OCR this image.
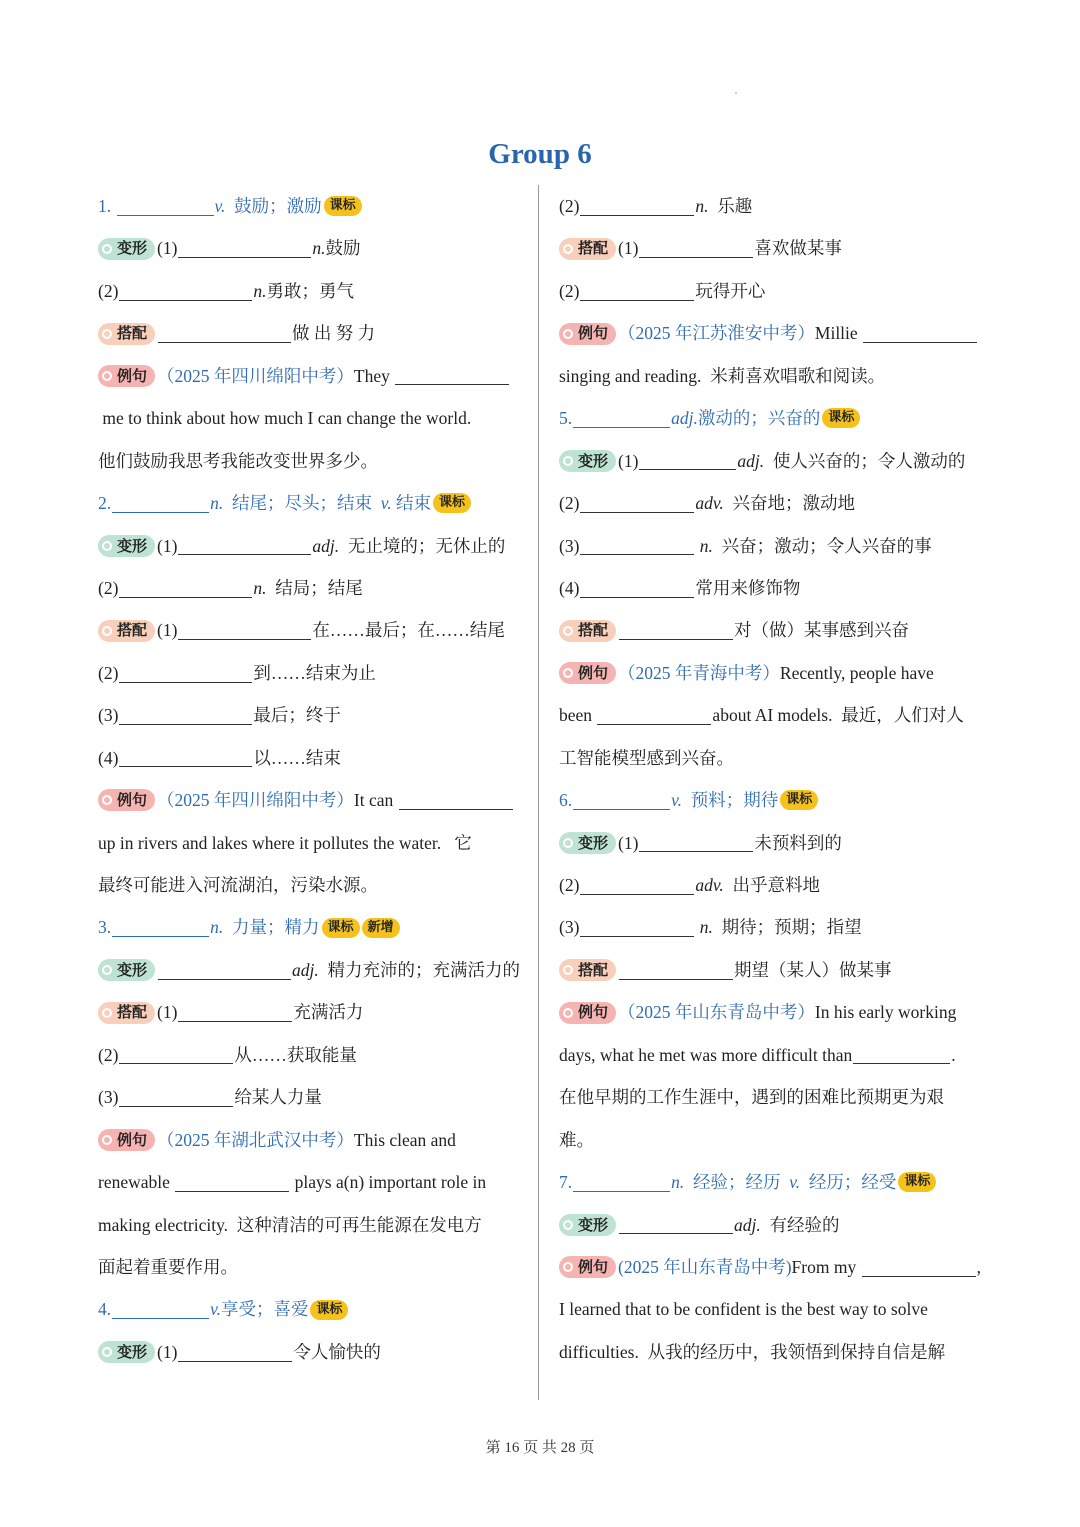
Group 6
1.	v. 鼓励；激励 课标
变形 (1)	n. 鼓励
(2)	n. 勇敢；勇气
搭配	做 出 努 力
例句 （2025 年四川绵阳中考） They
me to think about how much I can change the world.
他们鼓励我思考我能改变世界多少。
2.	n. 结尾；尽头；结束 v. 结束 课标
变形 (1)	adj. 无止境的；无休止的
(2)	n. 结局；结尾
搭配 (1)	在……最后；在……结尾
(2)	到……结束为止
(3)	最后；终于
(4)	以……结束
例句 （2025 年四川绵阳中考） It can
up in rivers and lakes where it pollutes the water.   它
最终可能进入河流湖泊，污染水源。
3.	n. 力量；精力 课标	新增
变形	adj. 精力充沛的；充满活力的
搭配 (1)	充满活力
(2)	从……获取能量
(3)	给某人力量
例句 （2025 年湖北武汉中考） This clean and
renewable	plays a(n) important role in
making electricity.  这种清洁的可再生能源在发电方
面起着重要作用。
4.	v. 享受；喜爱 课标
变形 (1)	令人愉快的
(2)	n. 乐趣
搭配 (1)	喜欢做某事
(2)	玩得开心
例句 （2025 年江苏淮安中考） Millie
singing and reading.  米莉喜欢唱歌和阅读。
5.	adj. 激动的；兴奋的 课标
变形 (1)	adj. 使人兴奋的；令人激动的
(2)	adv. 兴奋地；激动地
(3)	n. 兴奋；激动；令人兴奋的事
(4)	常用来修饰物
搭配	对（做）某事感到兴奋
例句 （2025 年青海中考） Recently, people have
been	about AI models.  最近，人们对人
工智能模型感到兴奋。
6.	v. 预料；期待 课标
变形 (1)	未预料到的
(2)	adv. 出乎意料地
(3)	n. 期待；预期；指望
搭配	期望（某人）做某事
例句 （2025 年山东青岛中考） In his early working
days, what he met was more difficult than	.
在他早期的工作生涯中，遇到的困难比预期更为艰
难。
7.	n. 经验；经历 v. 经历；经受 课标
变形	adj. 有经验的
例句 (2025 年山东青岛中考) From my	,
I learned that to be confident is the best way to solve
difficulties.  从我的经历中，我领悟到保持自信是解
第 16 页 共 28 页
